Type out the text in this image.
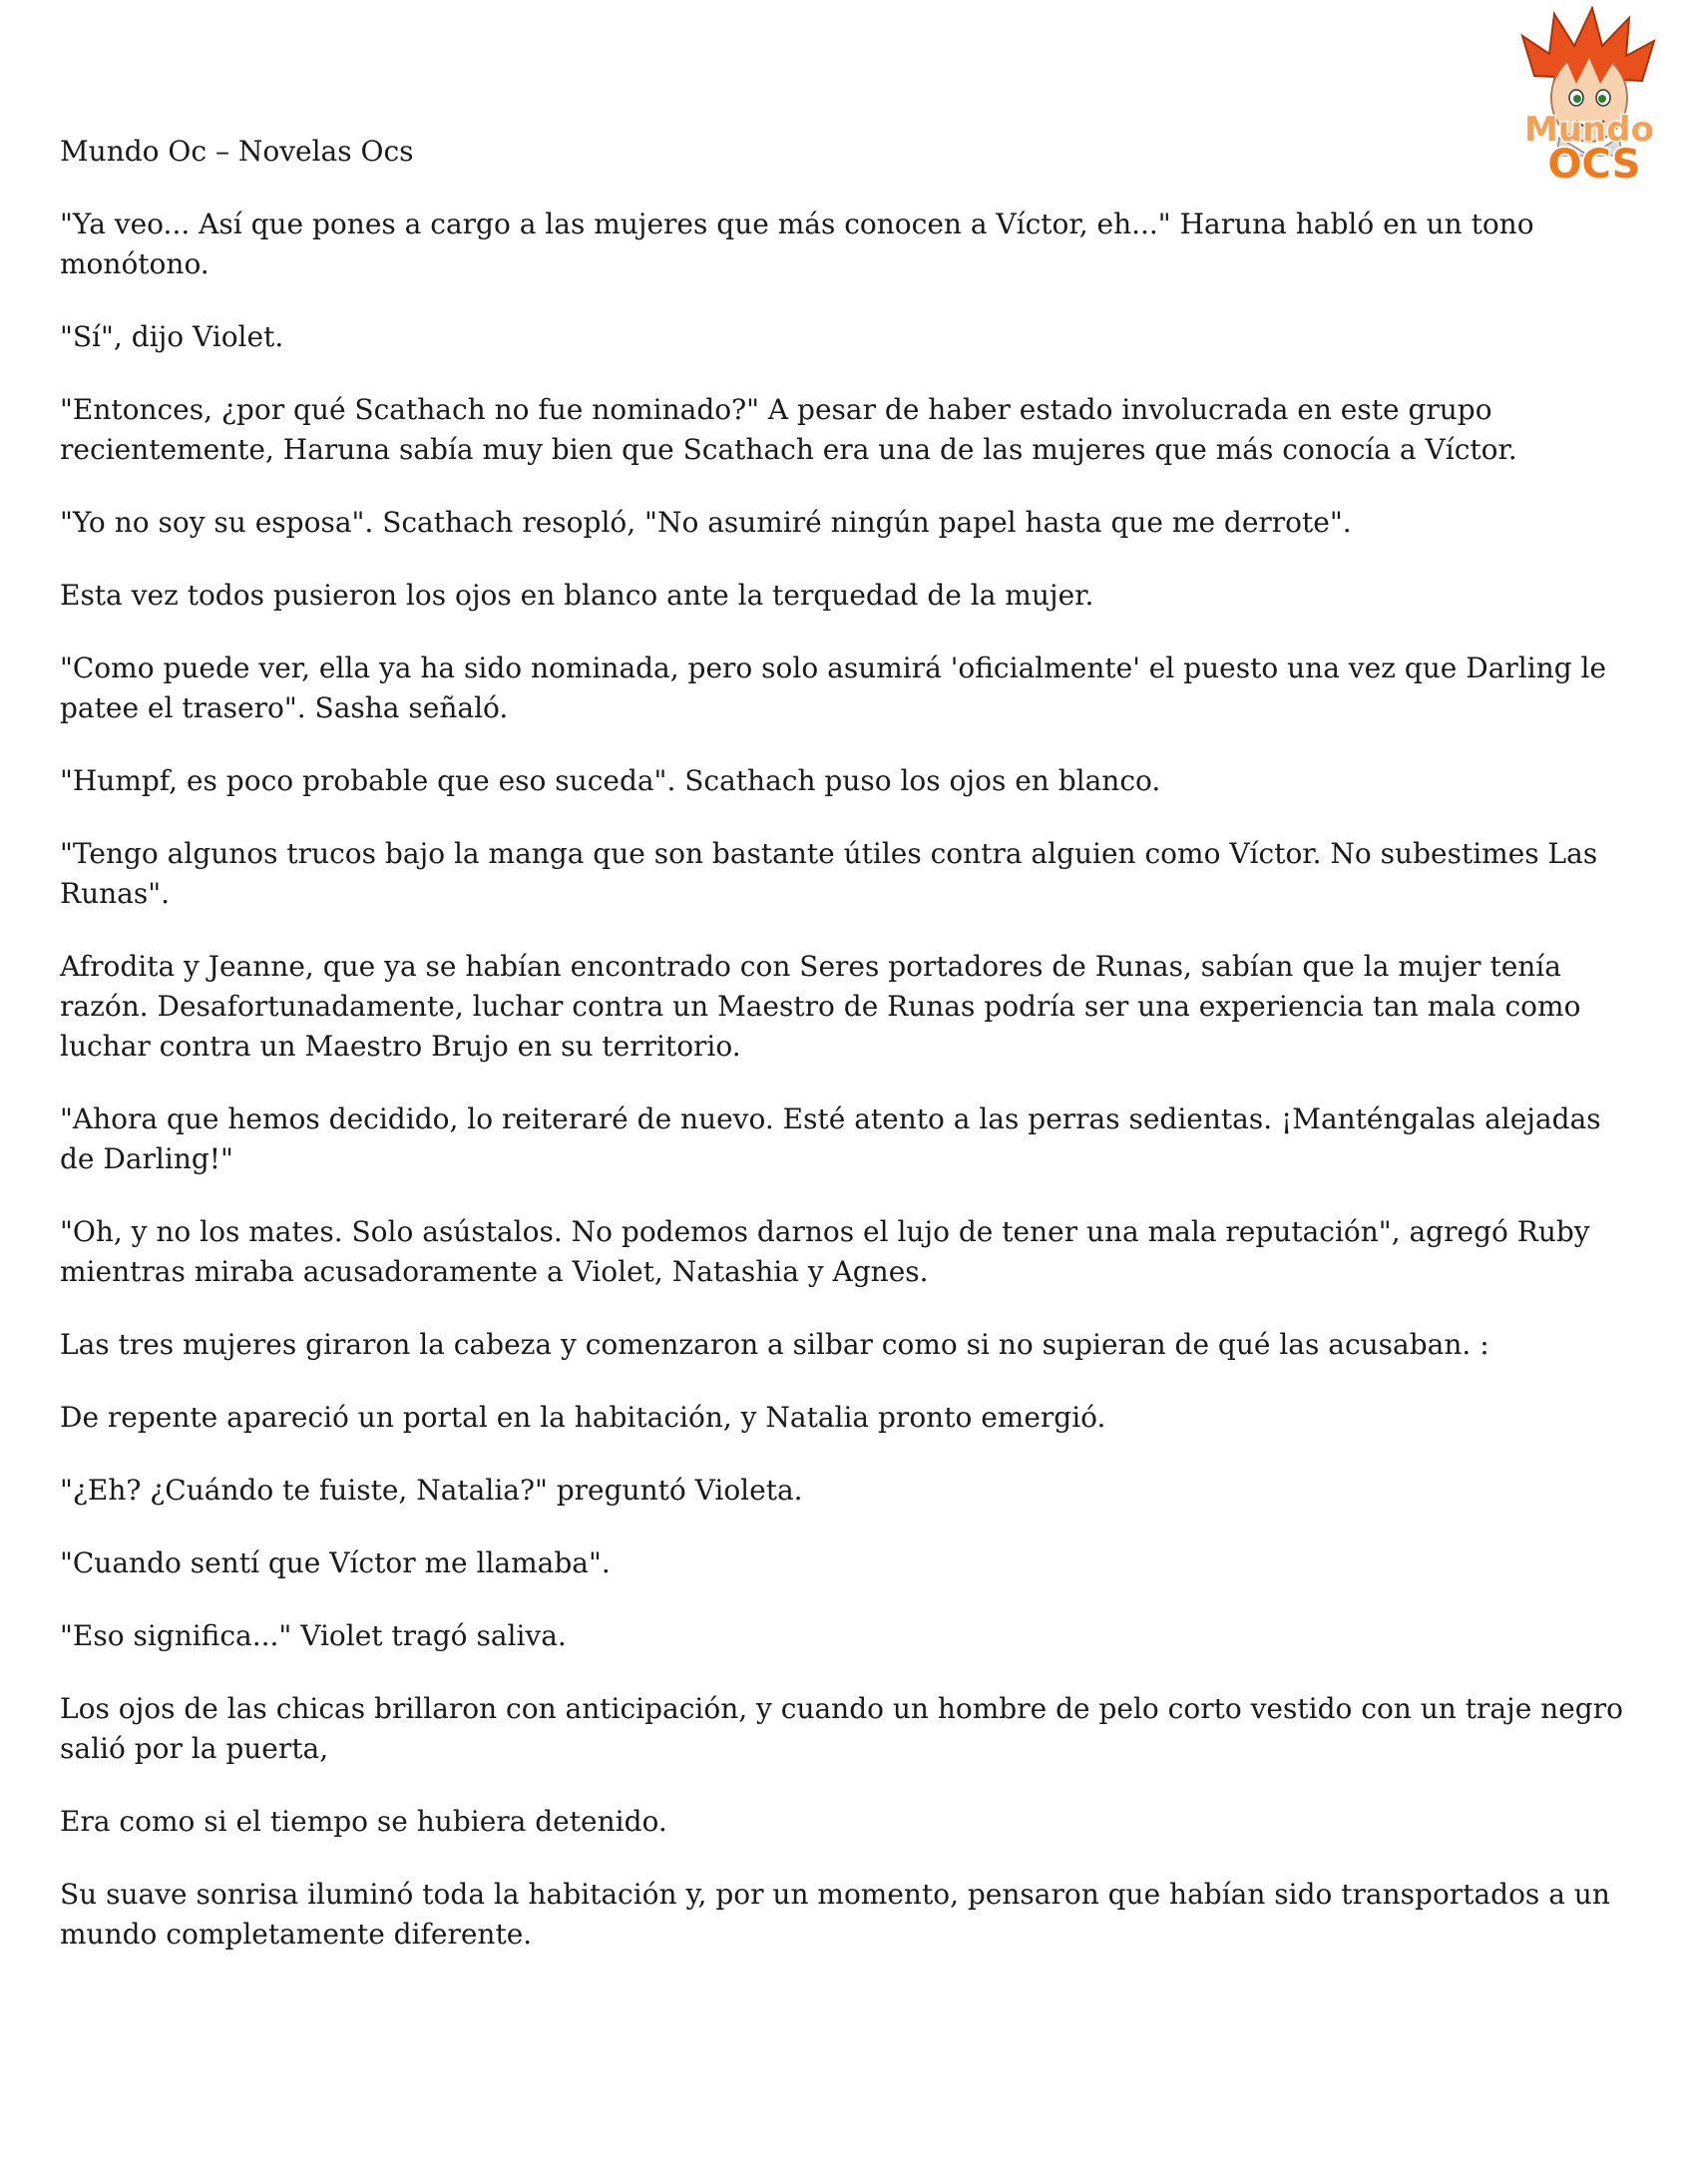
Mundo Oc – Novelas Ocs
Mundo
OCS

"Ya veo... Así que pones a cargo a las mujeres que más conocen a Víctor, eh..." Haruna habló en un tono monótono.

"Sí", dijo Violet.

"Entonces, ¿por qué Scathach no fue nominado?" A pesar de haber estado involucrada en este grupo recientemente, Haruna sabía muy bien que Scathach era una de las mujeres que más conocía a Víctor.

"Yo no soy su esposa". Scathach resopló, "No asumiré ningún papel hasta que me derrote".

Esta vez todos pusieron los ojos en blanco ante la terquedad de la mujer.

"Como puede ver, ella ya ha sido nominada, pero solo asumirá 'oficialmente' el puesto una vez que Darling le patee el trasero". Sasha señaló.

"Humpf, es poco probable que eso suceda". Scathach puso los ojos en blanco.

"Tengo algunos trucos bajo la manga que son bastante útiles contra alguien como Víctor. No subestimes Las Runas".

Afrodita y Jeanne, que ya se habían encontrado con Seres portadores de Runas, sabían que la mujer tenía razón. Desafortunadamente, luchar contra un Maestro de Runas podría ser una experiencia tan mala como luchar contra un Maestro Brujo en su territorio.

"Ahora que hemos decidido, lo reiteraré de nuevo. Esté atento a las perras sedientas. ¡Manténgalas alejadas de Darling!"

"Oh, y no los mates. Solo asústalos. No podemos darnos el lujo de tener una mala reputación", agregó Ruby mientras miraba acusadoramente a Violet, Natashia y Agnes.

Las tres mujeres giraron la cabeza y comenzaron a silbar como si no supieran de qué las acusaban. :

De repente apareció un portal en la habitación, y Natalia pronto emergió.

"¿Eh? ¿Cuándo te fuiste, Natalia?" preguntó Violeta.

"Cuando sentí que Víctor me llamaba".

"Eso significa..." Violet tragó saliva.

Los ojos de las chicas brillaron con anticipación, y cuando un hombre de pelo corto vestido con un traje negro salió por la puerta,

Era como si el tiempo se hubiera detenido.

Su suave sonrisa iluminó toda la habitación y, por un momento, pensaron que habían sido transportados a un mundo completamente diferente.
